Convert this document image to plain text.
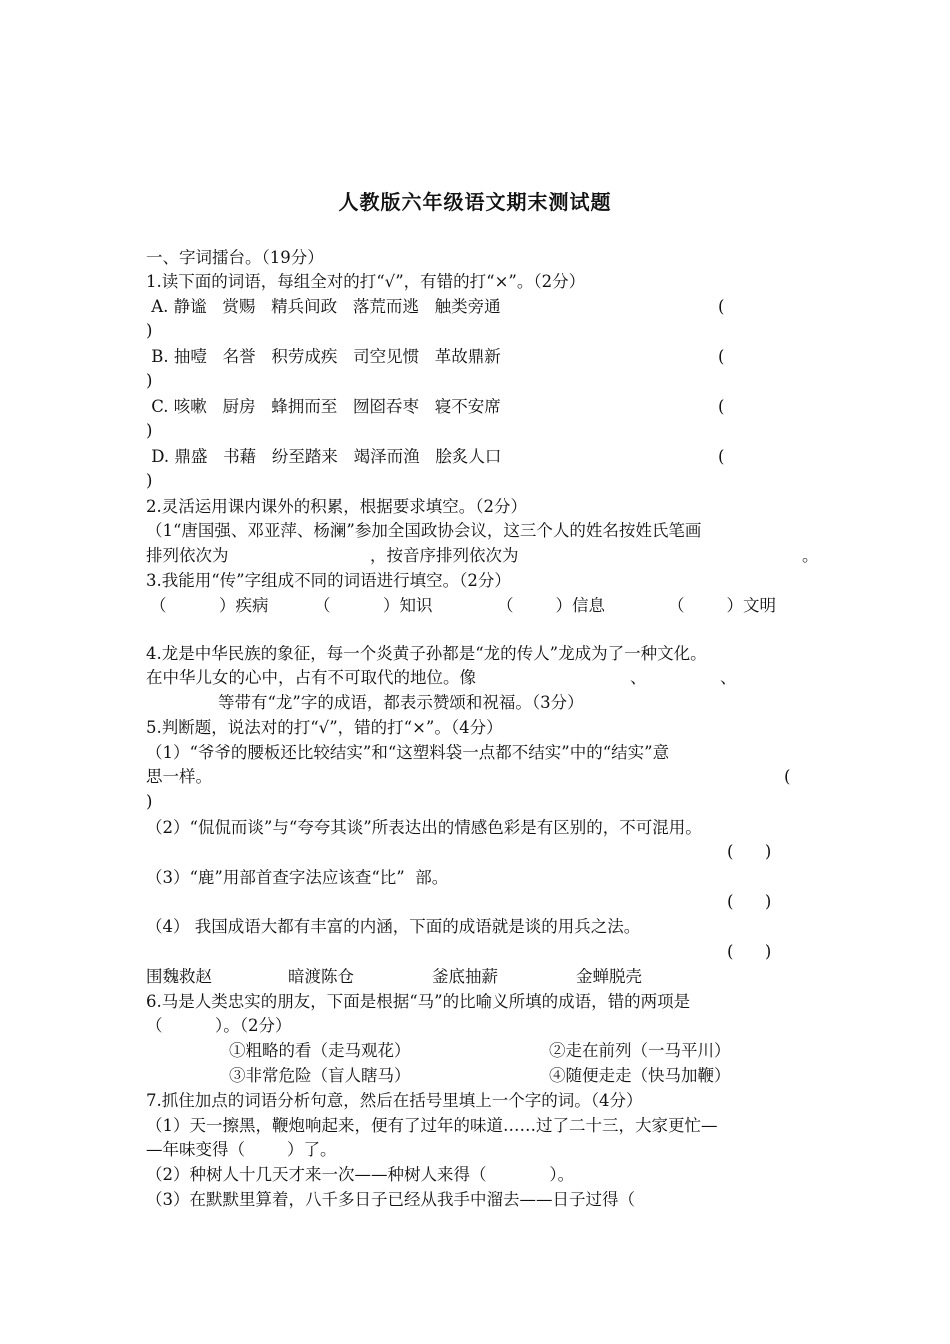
人教版六年级语文期末测试题
一、字词擂台。（19分）
1.读下面的词语，每组全对的打“√”，有错的打“×”。（2分）
A. 静谧   赏赐   精兵间政   落荒而逃   触类旁通	(
)
B. 抽噎   名誉   积劳成疾   司空见惯   革故鼎新	(
)
C. 咳嗽   厨房   蜂拥而至   囫囵吞枣   寝不安席	(
)
D. 鼎盛   书藉   纷至踏来   竭泽而渔   脍炙人口	(
)
2.灵活运用课内课外的积累，根据要求填空。（2分）
（1“唐国强、邓亚萍、杨澜”参加全国政协会议，这三个人的姓名按姓氏笔画
排列依次为	，按音序排列依次为	。
3.我能用“传”字组成不同的词语进行填空。（2分）
（          ）疾病	（          ）知识	（        ）信息	（        ）文明
4.龙是中华民族的象征，每一个炎黄子孙都是“龙的传人”龙成为了一种文化。
在中华儿女的心中，占有不可取代的地位。像	、	、
等带有“龙”字的成语，都表示赞颂和祝福。（3分）
5.判断题，说法对的打“√”，错的打“×”。（4分）
（1）“爷爷的腰板还比较结实”和“这塑料袋一点都不结实”中的“结实”意
思一样。	(
)
（2）“侃侃而谈”与“夸夸其谈”所表达出的情感色彩是有区别的，不可混用。
(      )
（3）“鹿”用部首查字法应该查“比”  部。
(      )
（4） 我国成语大都有丰富的内涵，下面的成语就是谈的用兵之法。
(      )
围魏救赵	暗渡陈仓	釜底抽薪	金蝉脱壳
6.马是人类忠实的朋友，下面是根据“马”的比喻义所填的成语，错的两项是
（          ）。（2分）
①粗略的看（走马观花）	②走在前列（一马平川）
③非常危险（盲人瞎马）	④随便走走（快马加鞭）
7.抓住加点的词语分析句意，然后在括号里填上一个字的词。（4分）
（1）天一擦黑，鞭炮响起来，便有了过年的味道……过了二十三，大家更忙—
—年味变得（        ）了。
（2）种树人十几天才来一次——种树人来得（            ）。
（3）在默默里算着，八千多日子已经从我手中溜去——日子过得（
